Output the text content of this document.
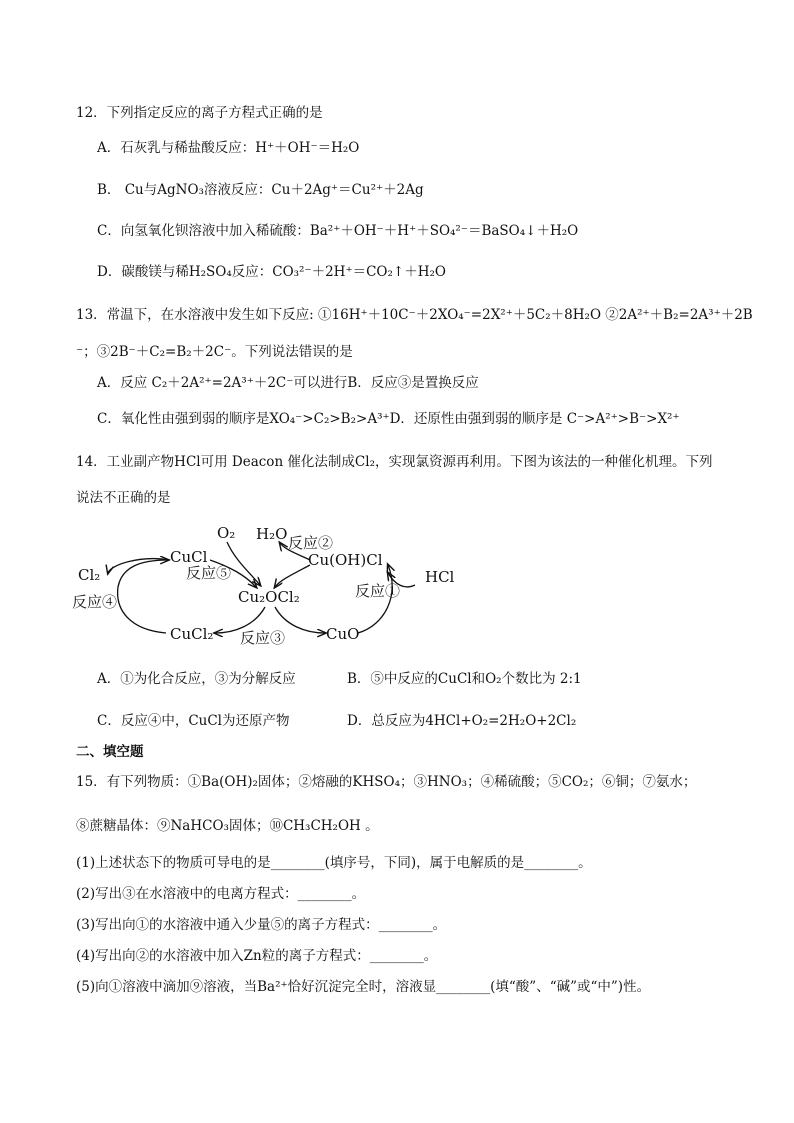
12．下列指定反应的离子方程式正确的是
A．石灰乳与稀盐酸反应：H⁺＋OH⁻＝H₂O
B． Cu与AgNO₃溶液反应：Cu＋2Ag⁺＝Cu²⁺＋2Ag
C．向氢氧化钡溶液中加入稀硫酸：Ba²⁺＋OH⁻＋H⁺＋SO₄²⁻＝BaSO₄↓＋H₂O
D．碳酸镁与稀H₂SO₄反应：CO₃²⁻＋2H⁺＝CO₂↑＋H₂O
13．常温下，在水溶液中发生如下反应: ①16H⁺＋10C⁻＋2XO₄⁻=2X²⁺＋5C₂＋8H₂O ②2A²⁺＋B₂=2A³⁺＋2B
⁻；③2B⁻＋C₂=B₂＋2C⁻。下列说法错误的是
A．反应 C₂＋2A²⁺=2A³⁺＋2C⁻可以进行B．反应③是置换反应
C．氧化性由强到弱的顺序是XO₄⁻>C₂>B₂>A³⁺D．还原性由强到弱的顺序是 C⁻>A²⁺>B⁻>X²⁺
14．工业副产物HCl可用 Deacon 催化法制成Cl₂，实现氯资源再利用。下图为该法的一种催化机理。下列
说法不正确的是
Cl₂
CuCl
O₂ H₂O 反应②
Cu(OH)Cl
反应⑤
Cu₂OCl₂	反应①
HCl
反应④
CuCl₂ 反应③	CuO
A．①为化合反应，③为分解反应	B．⑤中反应的CuCl和O₂个数比为 2:1
C．反应④中，CuCl为还原产物	D．总反应为4HCl+O₂=2H₂O+2Cl₂
二、填空题
15．有下列物质：①Ba(OH)₂固体；②熔融的KHSO₄；③HNO₃；④稀硫酸；⑤CO₂；⑥铜；⑦氨水；
⑧蔗糖晶体：⑨NaHCO₃固体；⑩CH₃CH₂OH 。
(1)上述状态下的物质可导电的是________(填序号，下同)，属于电解质的是________。
(2)写出③在水溶液中的电离方程式：________。
(3)写出向①的水溶液中通入少量⑤的离子方程式：________。
(4)写出向②的水溶液中加入Zn粒的离子方程式：________。
(5)向①溶液中滴加⑨溶液，当Ba²⁺恰好沉淀完全时，溶液显________(填“酸”、“碱”或“中”)性。
